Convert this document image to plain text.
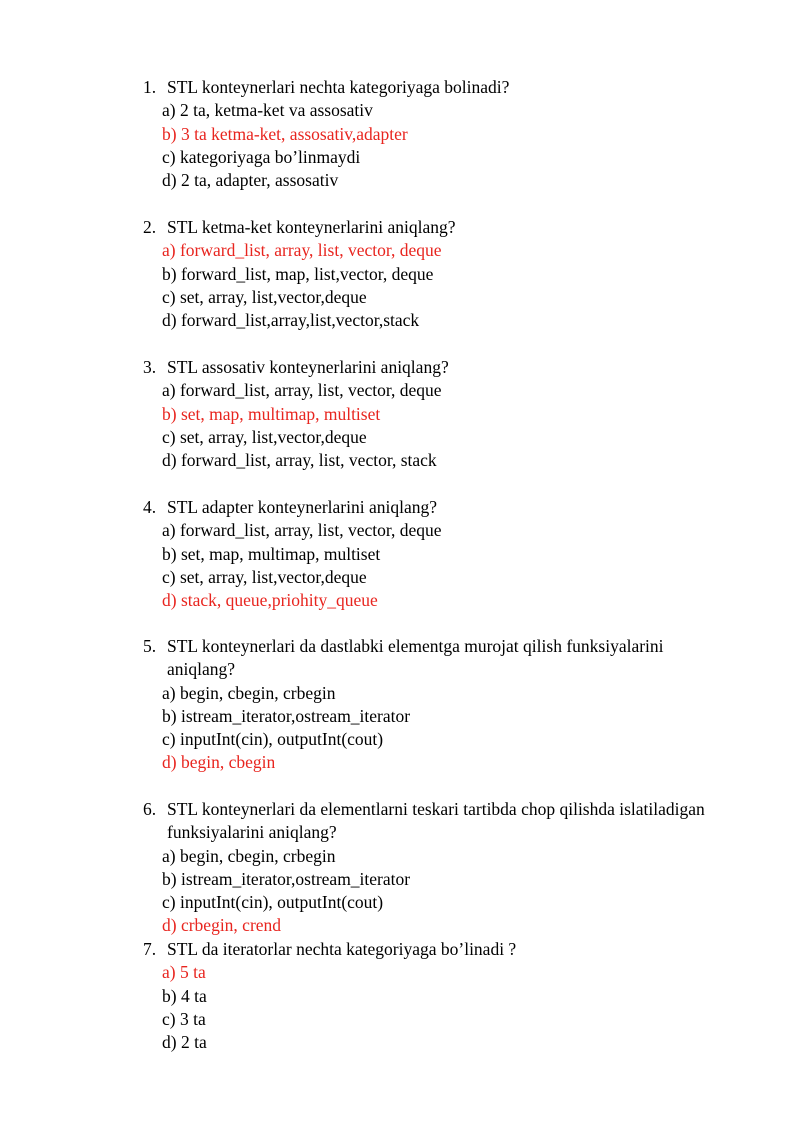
1. STL konteynerlari nechta kategoriyaga bolinadi?
a) 2 ta, ketma-ket va assosativ
b) 3 ta ketma-ket, assosativ,adapter
c) kategoriyaga bo’linmaydi
d) 2 ta, adapter, assosativ
2. STL ketma-ket konteynerlarini aniqlang?
a) forward_list, array, list, vector, deque
b) forward_list, map, list,vector, deque
c) set, array, list,vector,deque
d) forward_list,array,list,vector,stack
3. STL assosativ konteynerlarini aniqlang?
a) forward_list, array, list, vector, deque
b) set, map, multimap, multiset
c) set, array, list,vector,deque
d) forward_list, array, list, vector, stack
4. STL adapter konteynerlarini aniqlang?
a) forward_list, array, list, vector, deque
b) set, map, multimap, multiset
c) set, array, list,vector,deque
d) stack, queue,priohity_queue
5. STL konteynerlari da dastlabki elementga murojat qilish funksiyalarini aniqlang?
a) begin, cbegin, crbegin
b) istream_iterator,ostream_iterator
c) inputInt(cin), outputInt(cout)
d) begin, cbegin
6. STL konteynerlari da elementlarni teskari tartibda chop qilishda islatiladigan funksiyalarini aniqlang?
a) begin, cbegin, crbegin
b) istream_iterator,ostream_iterator
c) inputInt(cin), outputInt(cout)
d) crbegin, crend
7. STL da iteratorlar nechta kategoriyaga bo’linadi ?
a) 5 ta
b) 4 ta
c) 3 ta
d) 2 ta
